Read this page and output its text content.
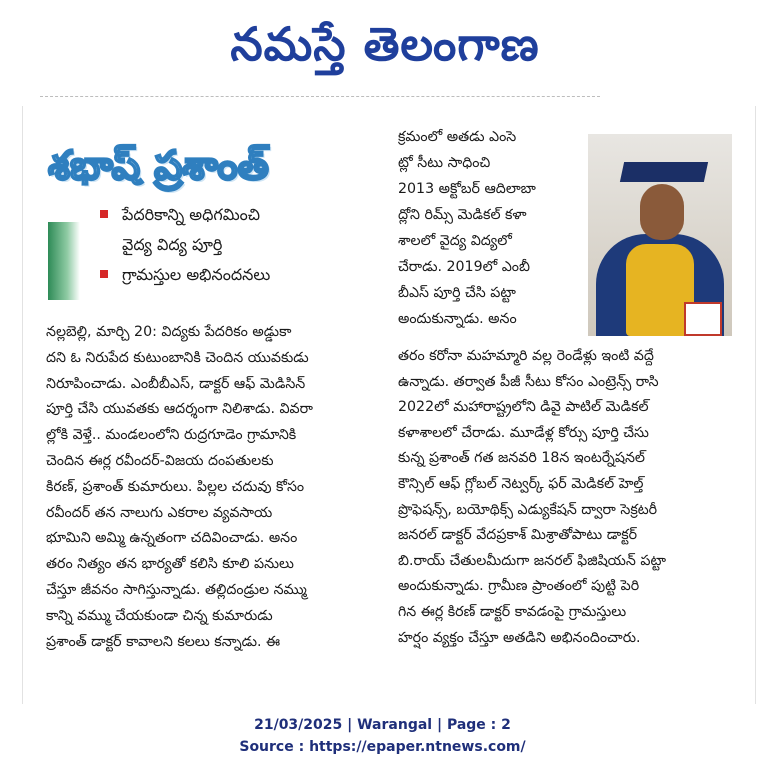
నమస్తే తెలంగాణ
శభాష్ ప్రశాంత్
పేదరికాన్ని అధిగమించి
వైద్య విద్య పూర్తి
గ్రామస్తుల అభినందనలు
నల్లబెల్లి, మార్చి 20: విద్యకు పేదరికం అడ్డుకా
దని ఓ నిరుపేద కుటుంబానికి చెందిన యువకుడు
నిరూపించాడు. ఎంబీబీఎస్, డాక్టర్ ఆఫ్ మెడిసిన్
పూర్తి చేసి యువతకు ఆదర్శంగా నిలిశాడు. వివరా
ల్లోకి వెళ్తే.. మండలంలోని రుద్రగూడెం గ్రామానికి
చెందిన ఈర్ల రవీందర్-విజయ దంపతులకు
కిరణ్, ప్రశాంత్ కుమారులు. పిల్లల చదువు కోసం
రవీందర్ తన నాలుగు ఎకరాల వ్యవసాయ
భూమిని అమ్మి ఉన్నతంగా చదివించాడు. అనం
తరం నిత్యం తన భార్యతో కలిసి కూలి పనులు
చేస్తూ జీవనం సాగిస్తున్నాడు. తల్లిదండ్రుల నమ్ము
కాన్ని వమ్ము చేయకుండా చిన్న కుమారుడు
ప్రశాంత్ డాక్టర్ కావాలని కలలు కన్నాడు. ఈ
క్రమంలో అతడు ఎంసె
ట్లో సీటు సాధించి
2013 అక్టోబర్ ఆదిలాబా
ద్లోని రిమ్స్ మెడికల్ కళా
శాలలో వైద్య విద్యలో
చేరాడు. 2019లో ఎంబీ
బీఎస్ పూర్తి చేసి పట్టా
అందుకున్నాడు. అనం
తరం కరోనా మహమ్మారి వల్ల రెండేళ్లు ఇంటి వద్దే
ఉన్నాడు. తర్వాత పీజీ సీటు కోసం ఎంట్రెన్స్ రాసి
2022లో మహారాష్ట్రలోని డివై పాటిల్ మెడికల్
కళాశాలలో చేరాడు. మూడేళ్ల కోర్సు పూర్తి చేసు
కున్న ప్రశాంత్ గత జనవరి 18న ఇంటర్నేషనల్
కౌన్సిల్ ఆఫ్ గ్లోబల్ నెట్వర్క్ ఫర్ మెడికల్ హెల్త్
ప్రొఫెషన్స్, బయోథిక్స్ ఎడ్యుకేషన్ ద్వారా సెక్రటరీ
జనరల్ డాక్టర్ వేదప్రకాశ్ మిశ్రాతోపాటు డాక్టర్
బి.రాయ్ చేతులమీదుగా జనరల్ ఫిజిషియన్ పట్టా
అందుకున్నాడు. గ్రామీణ ప్రాంతంలో పుట్టి పెరి
గిన ఈర్ల కిరణ్ డాక్టర్ కావడంపై గ్రామస్తులు
హర్షం వ్యక్తం చేస్తూ అతడిని అభినందించారు.
21/03/2025 | Warangal | Page : 2
Source : https://epaper.ntnews.com/
